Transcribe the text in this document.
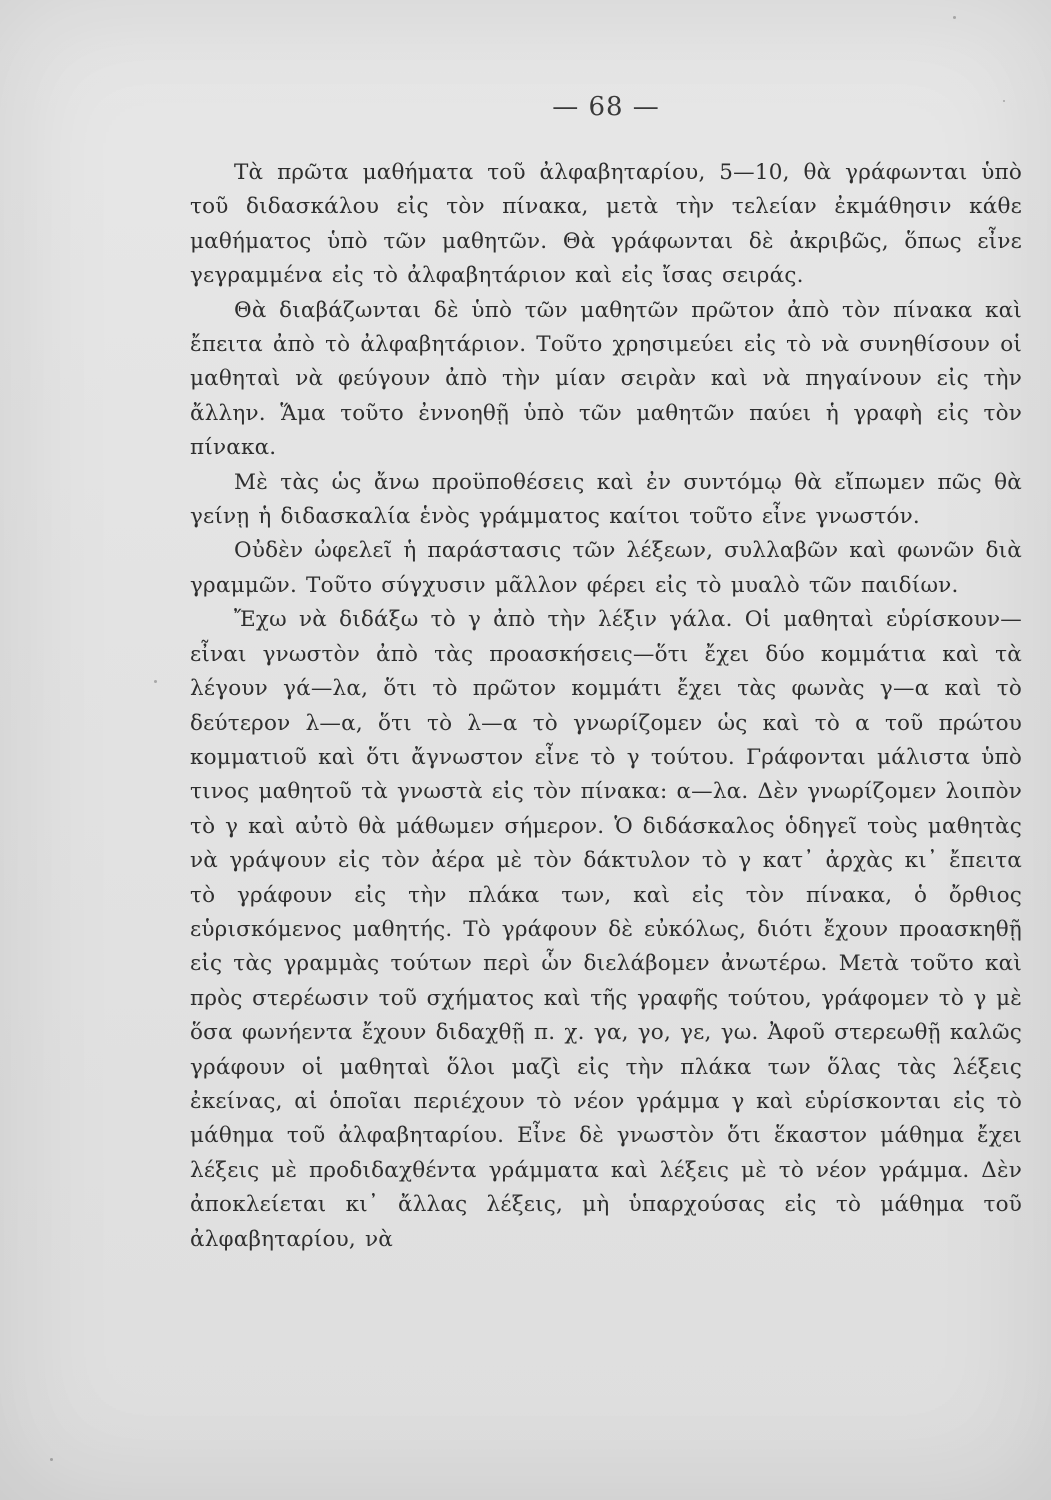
— 68 —

Τὰ πρῶτα μαθήματα τοῦ ἀλφαβηταρίου, 5—10, θὰ γράφωνται ὑπὸ τοῦ διδασκάλου εἰς τὸν πίνακα, μετὰ τὴν τελείαν ἐκμάθησιν κάθε μαθήματος ὑπὸ τῶν μαθητῶν. Θὰ γράφωνται δὲ ἀκριβῶς, ὅπως εἶνε γεγραμμένα εἰς τὸ ἀλφαβητάριον καὶ εἰς ἴσας σειράς.

Θὰ διαβάζωνται δὲ ὑπὸ τῶν μαθητῶν πρῶτον ἀπὸ τὸν πίνακα καὶ ἔπειτα ἀπὸ τὸ ἀλφαβητάριον. Τοῦτο χρησιμεύει εἰς τὸ νὰ συνηθίσουν οἱ μαθηταὶ νὰ φεύγουν ἀπὸ τὴν μίαν σειρὰν καὶ νὰ πηγαίνουν εἰς τὴν ἄλλην. Ἅμα τοῦτο ἐννοηθῇ ὑπὸ τῶν μαθητῶν παύει ἡ γραφὴ εἰς τὸν πίνακα.

Μὲ τὰς ὡς ἄνω προϋποθέσεις καὶ ἐν συντόμῳ θὰ εἴπωμεν πῶς θὰ γείνῃ ἡ διδασκαλία ἑνὸς γράμματος καίτοι τοῦτο εἶνε γνωστόν.

Οὐδὲν ὠφελεῖ ἡ παράστασις τῶν λέξεων, συλλαβῶν καὶ φωνῶν διὰ γραμμῶν. Τοῦτο σύγχυσιν μᾶλλον φέρει εἰς τὸ μυαλὸ τῶν παιδίων.

Ἔχω νὰ διδάξω τὸ γ ἀπὸ τὴν λέξιν γάλα. Οἱ μαθηταὶ εὑρίσκουν—εἶναι γνωστὸν ἀπὸ τὰς προασκήσεις—ὅτι ἔχει δύο κομμάτια καὶ τὰ λέγουν γά—λα, ὅτι τὸ πρῶτον κομμάτι ἔχει τὰς φωνὰς γ—α καὶ τὸ δεύτερον λ—α, ὅτι τὸ λ—α τὸ γνωρίζομεν ὡς καὶ τὸ α τοῦ πρώτου κομματιοῦ καὶ ὅτι ἄγνωστον εἶνε τὸ γ τούτου. Γράφονται μάλιστα ὑπὸ τινος μαθητοῦ τὰ γνωστὰ εἰς τὸν πίνακα: α—λα. Δὲν γνωρίζομεν λοιπὸν τὸ γ καὶ αὐτὸ θὰ μάθωμεν σήμερον. Ὁ διδάσκαλος ὁδηγεῖ τοὺς μαθητὰς νὰ γράψουν εἰς τὸν ἀέρα μὲ τὸν δάκτυλον τὸ γ κατ᾽ ἀρχὰς κι᾽ ἔπειτα τὸ γράφουν εἰς τὴν πλάκα των, καὶ εἰς τὸν πίνακα, ὁ ὄρθιος εὑρισκόμενος μαθητής. Τὸ γράφουν δὲ εὐκόλως, διότι ἔχουν προασκηθῇ εἰς τὰς γραμμὰς τούτων περὶ ὧν διελάβομεν ἀνωτέρω. Μετὰ τοῦτο καὶ πρὸς στερέωσιν τοῦ σχήματος καὶ τῆς γραφῆς τούτου, γράφομεν τὸ γ μὲ ὅσα φωνήεντα ἔχουν διδαχθῇ π. χ. γα, γο, γε, γω. Ἀφοῦ στερεωθῇ καλῶς γράφουν οἱ μαθηταὶ ὅλοι μαζὶ εἰς τὴν πλάκα των ὅλας τὰς λέξεις ἐκείνας, αἱ ὁποῖαι περιέχουν τὸ νέον γράμμα γ καὶ εὑρίσκονται εἰς τὸ μάθημα τοῦ ἀλφαβηταρίου. Εἶνε δὲ γνωστὸν ὅτι ἕκαστον μάθημα ἔχει λέξεις μὲ προδιδαχθέντα γράμματα καὶ λέξεις μὲ τὸ νέον γράμμα. Δὲν ἀποκλείεται κι᾽ ἄλλας λέξεις, μὴ ὑπαρχούσας εἰς τὸ μάθημα τοῦ ἀλφαβηταρίου, νὰ
